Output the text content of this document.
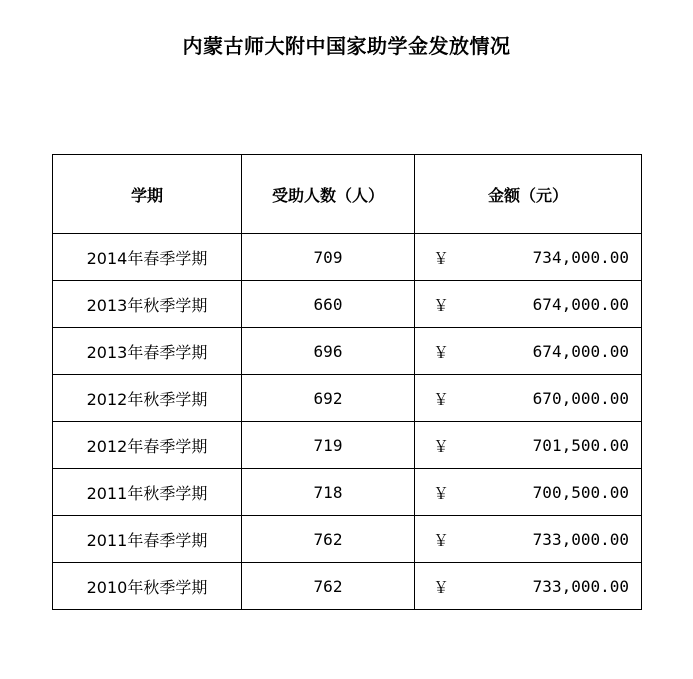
内蒙古师大附中国家助学金发放情况
学期	受助人数（人）	金额（元）
2014年春季学期	709	￥ 734,000.00

2013年秋季学期	660	￥ 674,000.00

2013年春季学期	696	￥ 674,000.00

2012年秋季学期	692	￥ 670,000.00

2012年春季学期	719	￥ 701,500.00

2011年秋季学期	718	￥ 700,500.00

2011年春季学期	762	￥ 733,000.00

2010年秋季学期	762	￥ 733,000.00
